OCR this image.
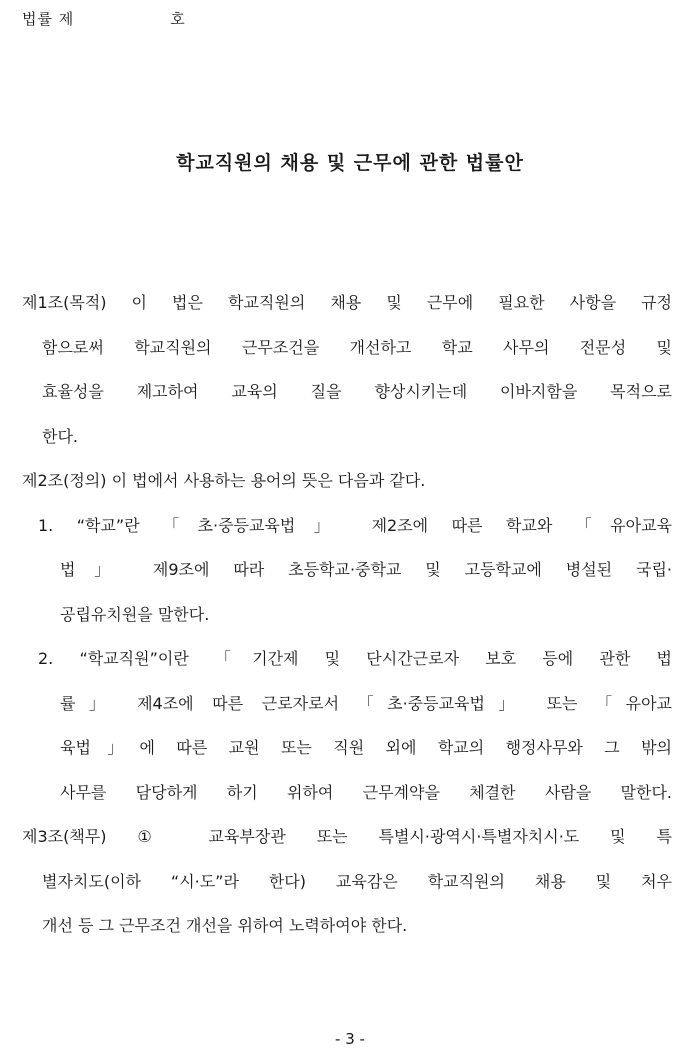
법률 제	호
학교직원의 채용 및 근무에 관한 법률안
제1조(목적) 이 법은 학교직원의 채용 및 근무에 필요한 사항을 규정
함으로써 학교직원의 근무조건을 개선하고 학교 사무의 전문성 및
효율성을 제고하여 교육의 질을 향상시키는데 이바지함을 목적으로
한다.
제2조(정의) 이 법에서 사용하는 용어의 뜻은 다음과 같다.
1. “학교”란 「초·중등교육법」 제2조에 따른 학교와 「유아교육
법」 제9조에 따라 초등학교·중학교 및 고등학교에 병설된 국립·
공립유치원을 말한다.
2. “학교직원”이란 「기간제 및 단시간근로자 보호 등에 관한 법
률」 제4조에 따른 근로자로서 「초·중등교육법」 또는 「유아교
육법」에 따른 교원 또는 직원 외에 학교의 행정사무와 그 밖의
사무를 담당하게 하기 위하여 근무계약을 체결한 사람을 말한다.
제3조(책무) ① 교육부장관 또는 특별시·광역시·특별자치시·도 및 특
별자치도(이하 “시·도”라 한다) 교육감은 학교직원의 채용 및 처우
개선 등 그 근무조건 개선을 위하여 노력하여야 한다.
- 3 -
